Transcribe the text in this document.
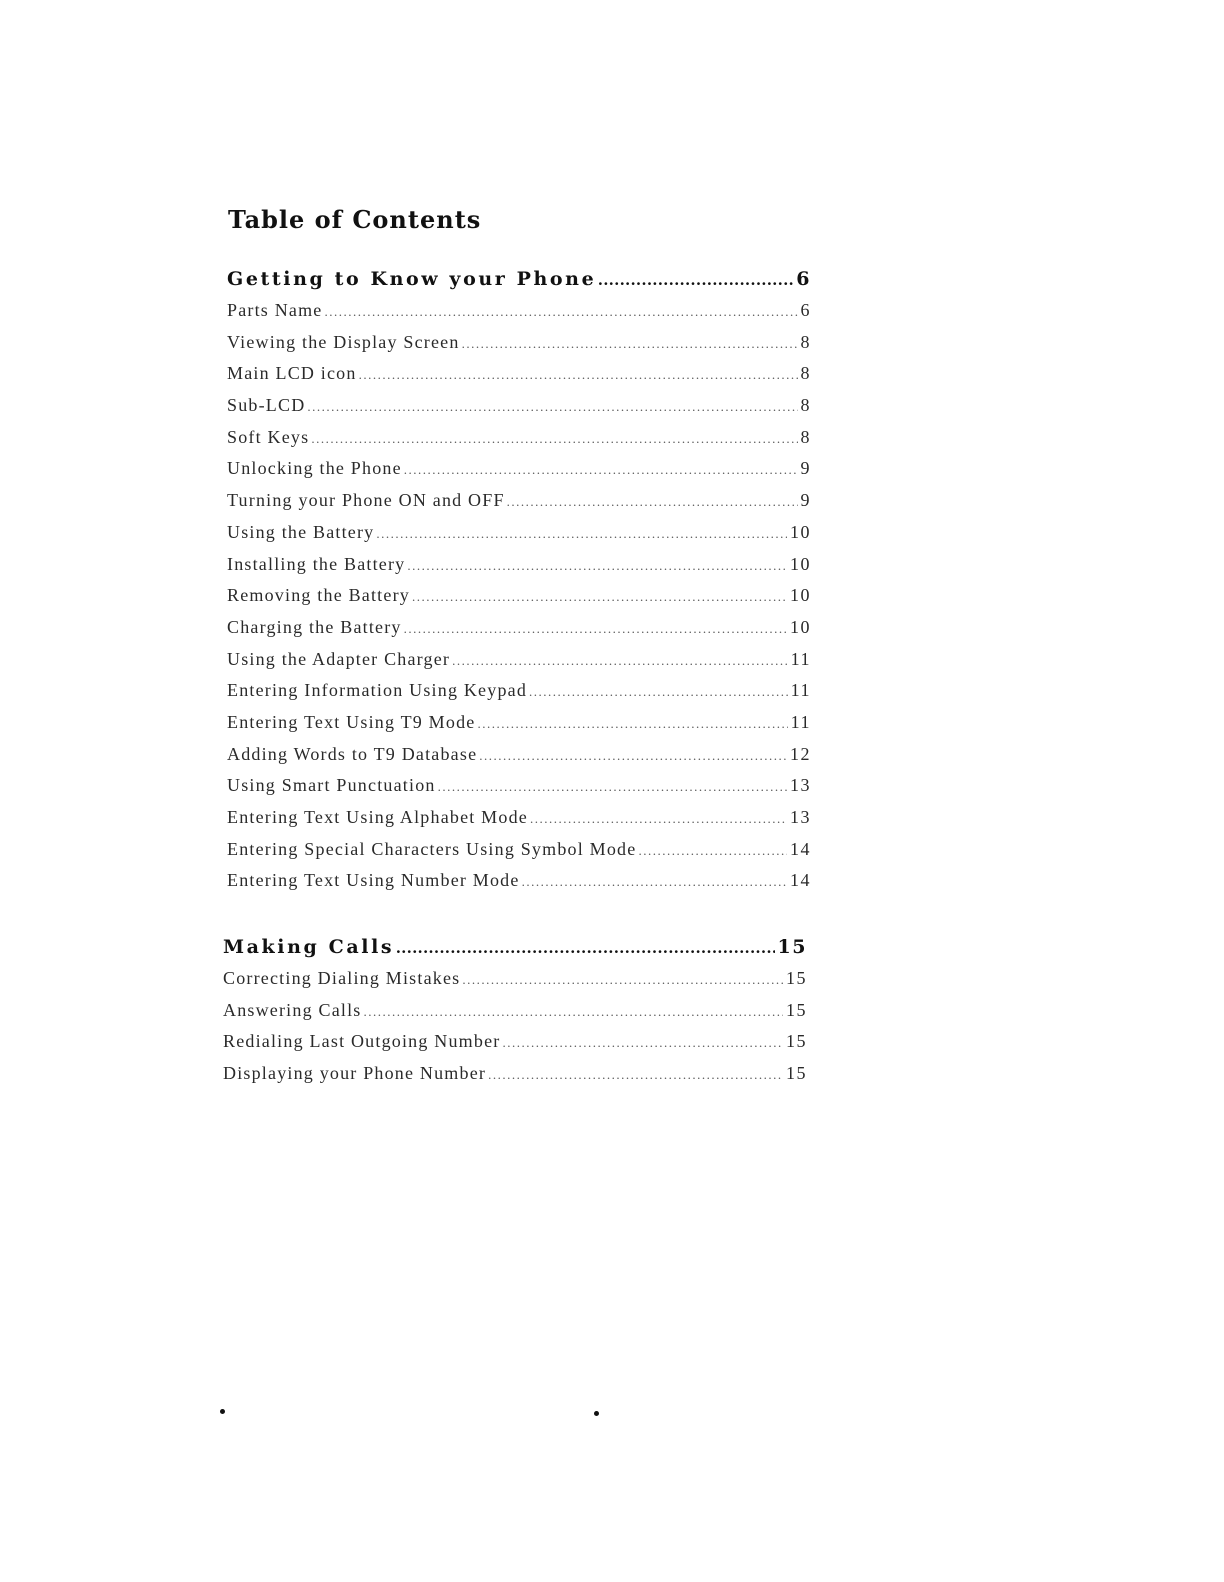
Table of Contents
Getting to Know your Phone .....	6
Parts Name .....	6
Viewing the Display Screen .....	8
Main LCD icon .....	8
Sub-LCD .....	8
Soft Keys .....	8
Unlocking the Phone .....	9
Turning your Phone ON and OFF .....	9
Using the Battery .....	10
Installing the Battery .....	10
Removing the Battery .....	10
Charging the Battery .....	10
Using the Adapter Charger .....	11
Entering Information Using Keypad .....	11
Entering Text Using T9 Mode .....	11
Adding Words to T9 Database .....	12
Using Smart Punctuation .....	13
Entering Text Using Alphabet Mode .....	13
Entering Special Characters Using Symbol Mode .....	14
Entering Text Using Number Mode .....	14
Making Calls .....	15
Correcting Dialing Mistakes .....	15
Answering Calls .....	15
Redialing Last Outgoing Number .....	15
Displaying your Phone Number .....	15
